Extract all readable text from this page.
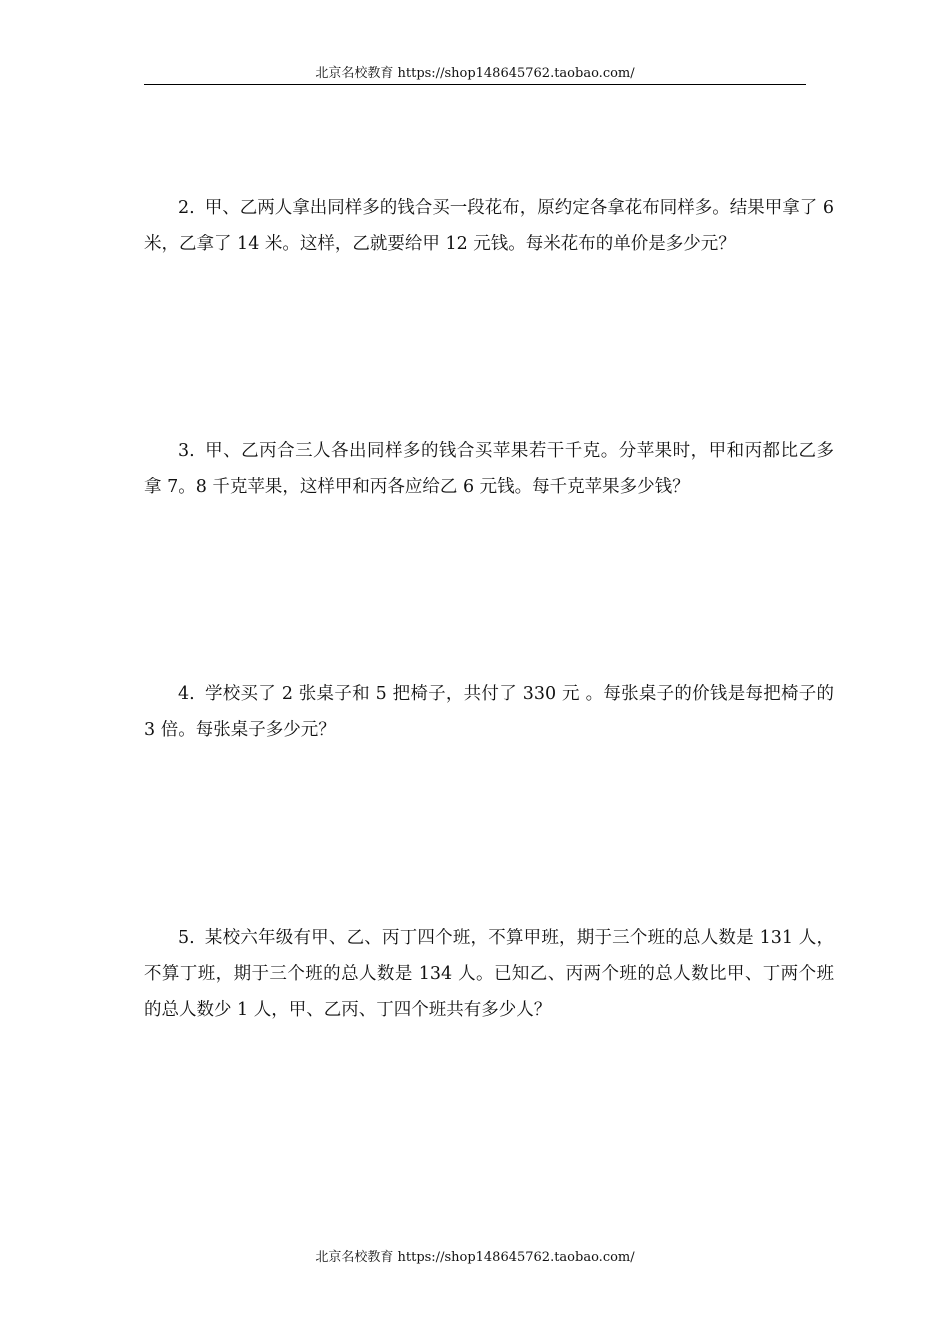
北京名校教育 https://shop148645762.taobao.com/

2. 甲、乙两人拿出同样多的钱合买一段花布，原约定各拿花布同样多。结果甲拿了 6 米，乙拿了 14 米。这样，乙就要给甲 12 元钱。每米花布的单价是多少元？

3. 甲、乙丙合三人各出同样多的钱合买苹果若干千克。分苹果时，甲和丙都比乙多拿 7。8 千克苹果，这样甲和丙各应给乙 6 元钱。每千克苹果多少钱？

4. 学校买了 2 张桌子和 5 把椅子，共付了 330 元 。每张桌子的价钱是每把椅子的 3 倍。每张桌子多少元？

5. 某校六年级有甲、乙、丙丁四个班，不算甲班，期于三个班的总人数是 131 人，不算丁班，期于三个班的总人数是 134 人。已知乙、丙两个班的总人数比甲、丁两个班的总人数少 1 人，甲、乙丙、丁四个班共有多少人？

北京名校教育 https://shop148645762.taobao.com/
